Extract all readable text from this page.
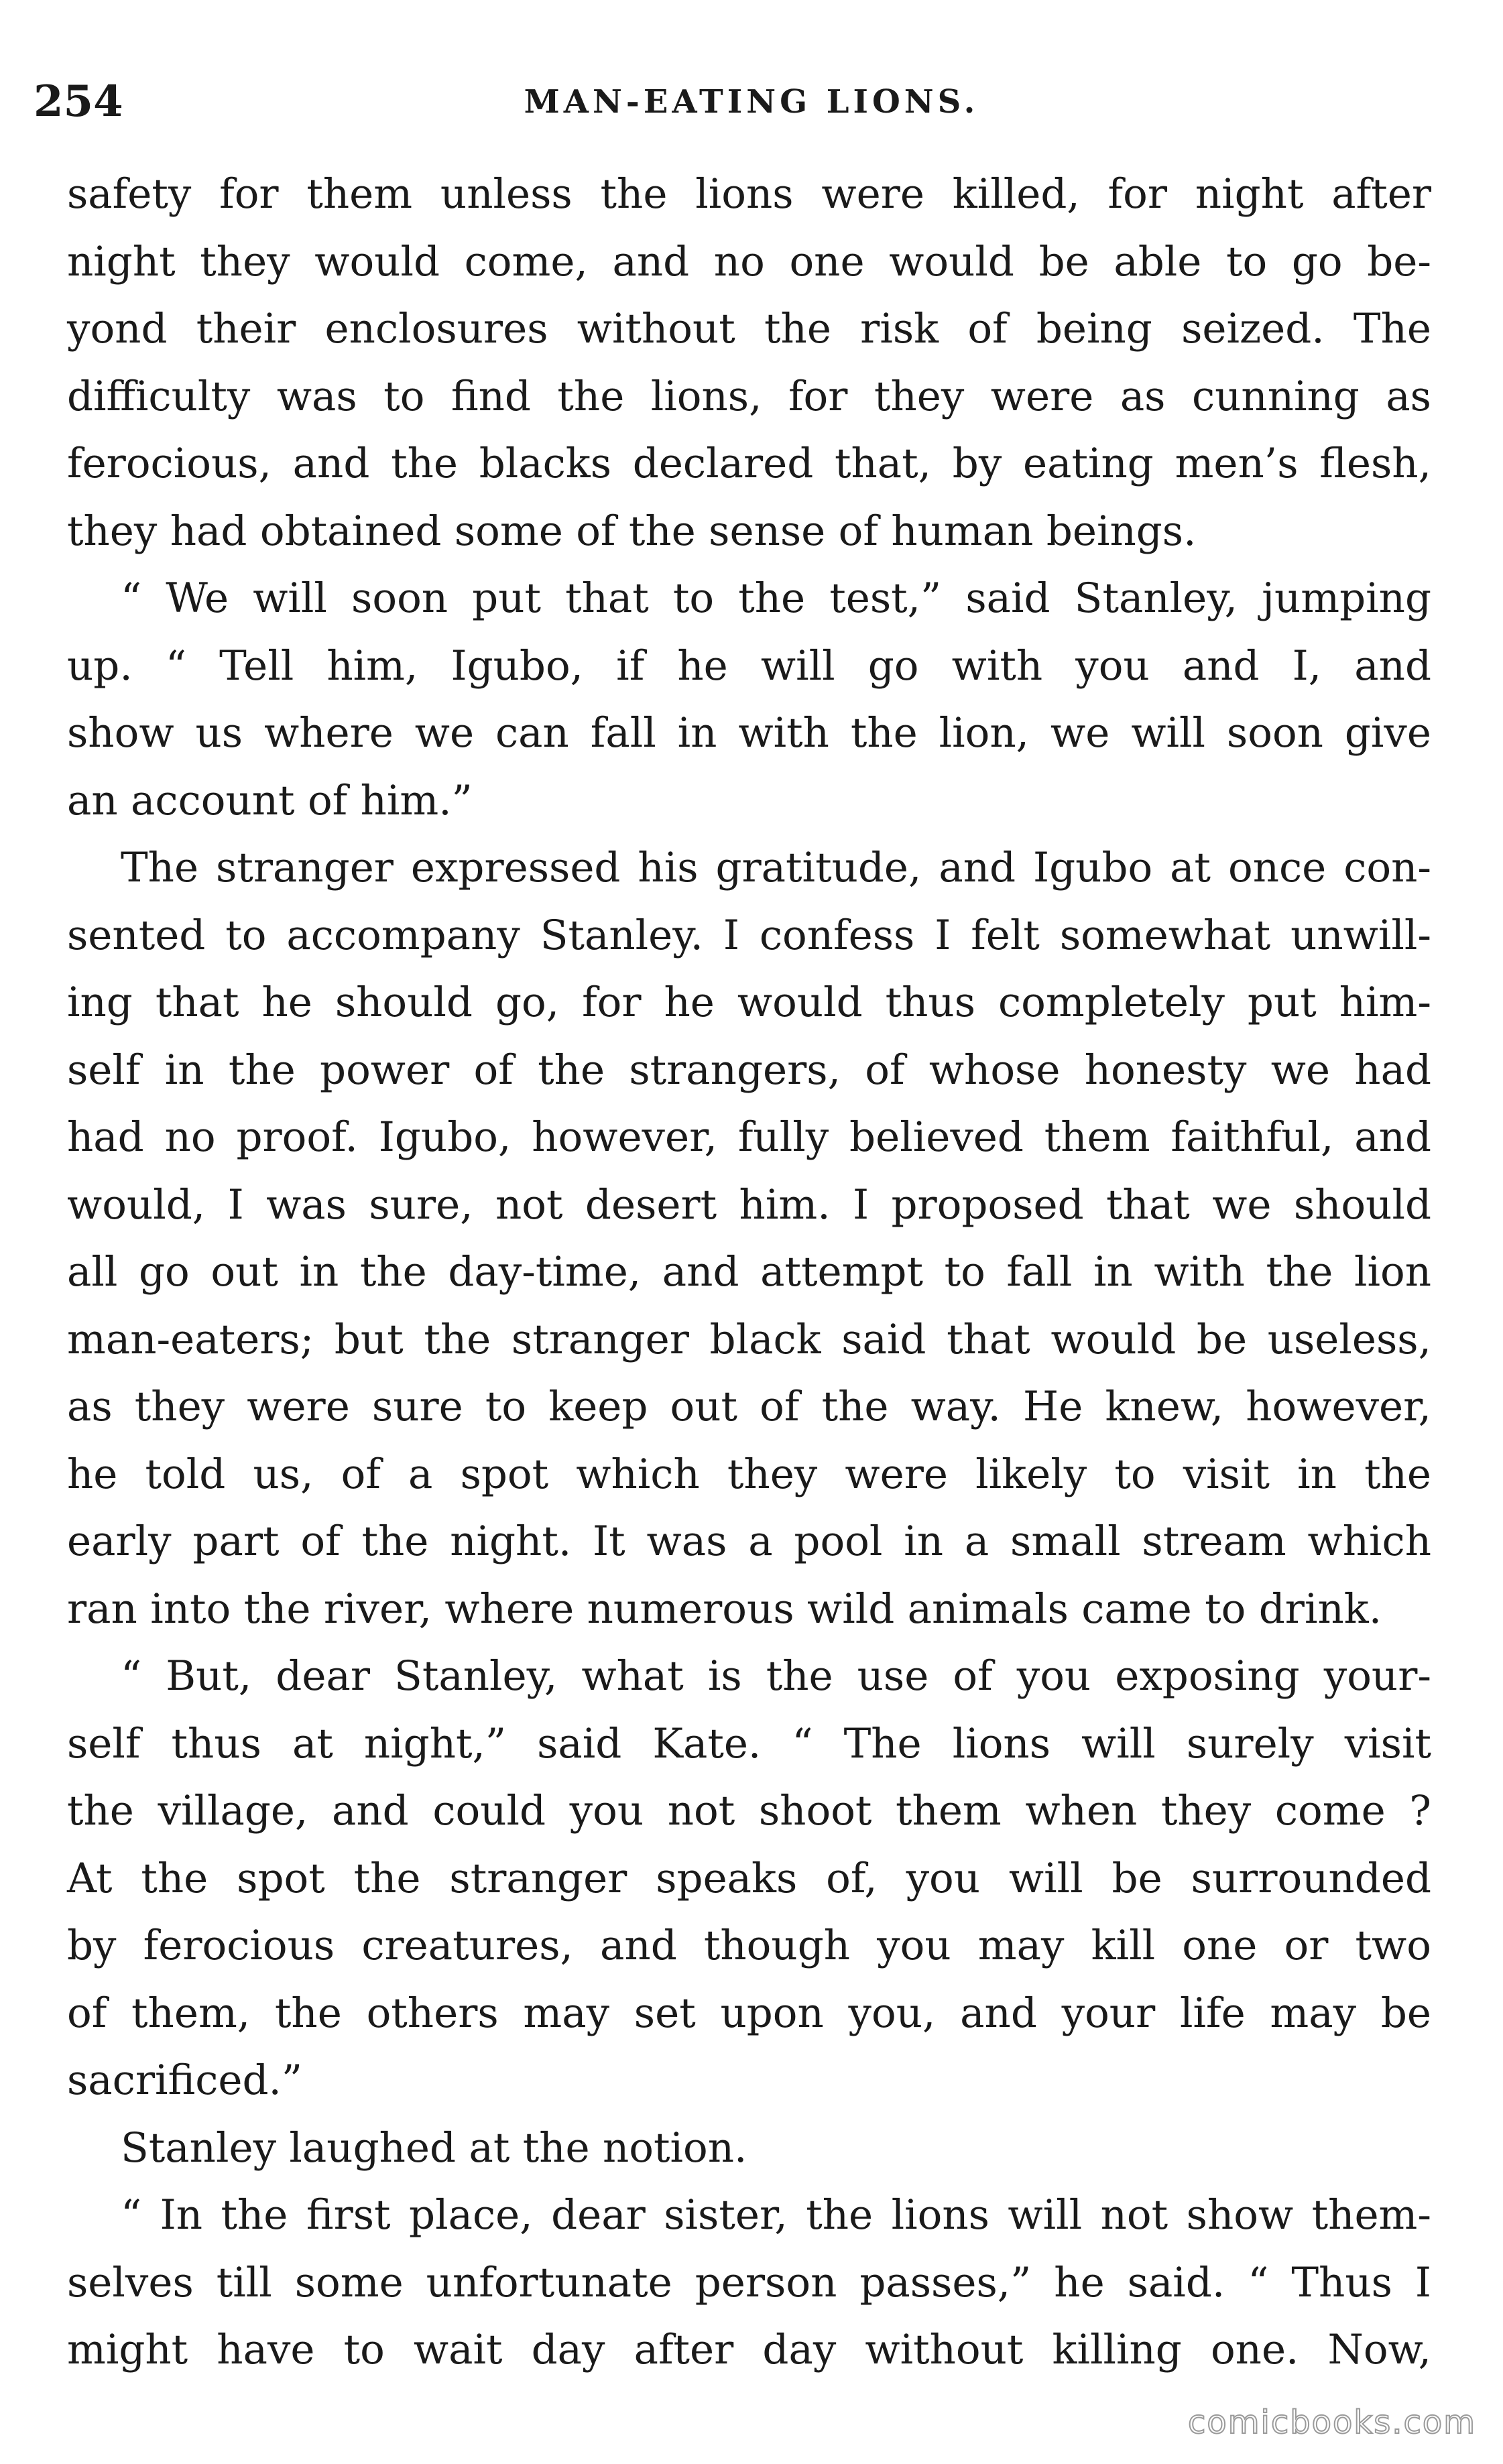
254	MAN-EATING LIONS.
safety for them unless the lions were killed, for night after
night they would come, and no one would be able to go be-
yond their enclosures without the risk of being seized. The
difficulty was to find the lions, for they were as cunning as
ferocious, and the blacks declared that, by eating men’s flesh,
they had obtained some of the sense of human beings.
“ We will soon put that to the test,” said Stanley, jumping
up. “ Tell him, Igubo, if he will go with you and I, and
show us where we can fall in with the lion, we will soon give
an account of him.”
The stranger expressed his gratitude, and Igubo at once con-
sented to accompany Stanley. I confess I felt somewhat unwill-
ing that he should go, for he would thus completely put him-
self in the power of the strangers, of whose honesty we had
had no proof. Igubo, however, fully believed them faithful, and
would, I was sure, not desert him. I proposed that we should
all go out in the day-time, and attempt to fall in with the lion
man-eaters; but the stranger black said that would be useless,
as they were sure to keep out of the way. He knew, however,
he told us, of a spot which they were likely to visit in the
early part of the night. It was a pool in a small stream which
ran into the river, where numerous wild animals came to drink.
“ But, dear Stanley, what is the use of you exposing your-
self thus at night,” said Kate. “ The lions will surely visit
the village, and could you not shoot them when they come ?
At the spot the stranger speaks of, you will be surrounded
by ferocious creatures, and though you may kill one or two
of them, the others may set upon you, and your life may be
sacrificed.”
Stanley laughed at the notion.
“ In the first place, dear sister, the lions will not show them-
selves till some unfortunate person passes,” he said. “ Thus I
might have to wait day after day without killing one. Now,
comicbooks.com
